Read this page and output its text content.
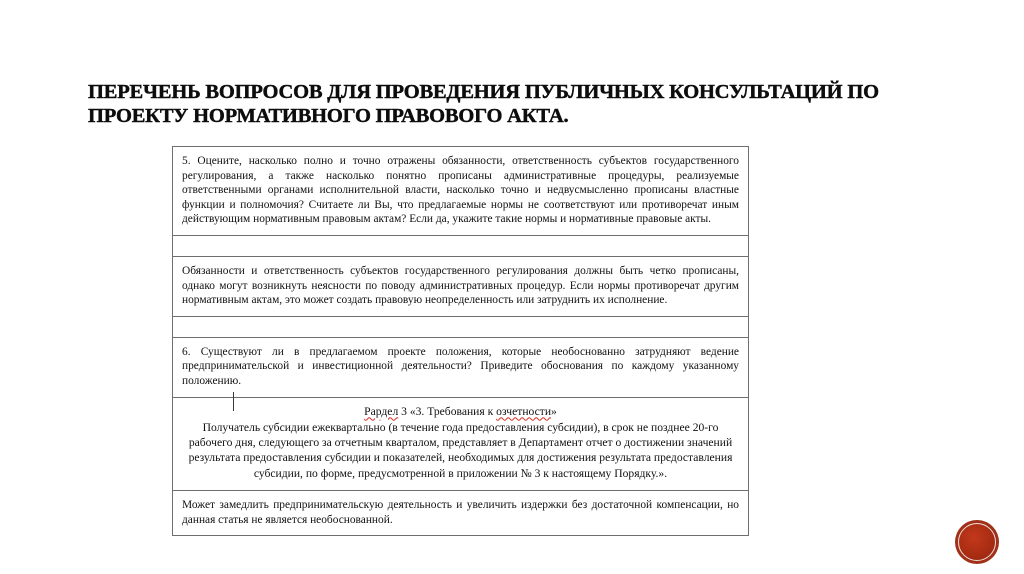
ПЕРЕЧЕНЬ ВОПРОСОВ ДЛЯ ПРОВЕДЕНИЯ ПУБЛИЧНЫХ КОНСУЛЬТАЦИЙ ПО ПРОЕКТУ НОРМАТИВНОГО ПРАВОВОГО АКТА.

5. Оцените, насколько полно и точно отражены обязанности, ответственность субъектов государственного регулирования, а также насколько понятно прописаны административные процедуры, реализуемые ответственными органами исполнительной власти, насколько точно и недвусмысленно прописаны властные функции и полномочия? Считаете ли Вы, что предлагаемые нормы не соответствуют или противоречат иным действующим нормативным правовым актам? Если да, укажите такие нормы и нормативные правовые акты.

Обязанности и ответственность субъектов государственного регулирования должны быть четко прописаны, однако могут возникнуть неясности по поводу административных процедур. Если нормы противоречат другим нормативным актам, это может создать правовую неопределенность или затруднить их исполнение.

6. Существуют ли в предлагаемом проекте положения, которые необоснованно затрудняют ведение предпринимательской и инвестиционной деятельности? Приведите обоснования по каждому указанному положению.

Рардел 3 «3. Требования к озчетности»

Получатель субсидии ежеквартально (в течение года предоставления субсидии), в срок не позднее 20-го рабочего дня, следующего за отчетным кварталом, представляет в Департамент отчет о достижении значений результата предоставления субсидии и показателей, необходимых для достижения результата предоставления субсидии, по форме, предусмотренной в приложении № 3 к настоящему Порядку.».

Может замедлить предпринимательскую деятельность и увеличить издержки без достаточной компенсации, но данная статья не является необоснованной.
